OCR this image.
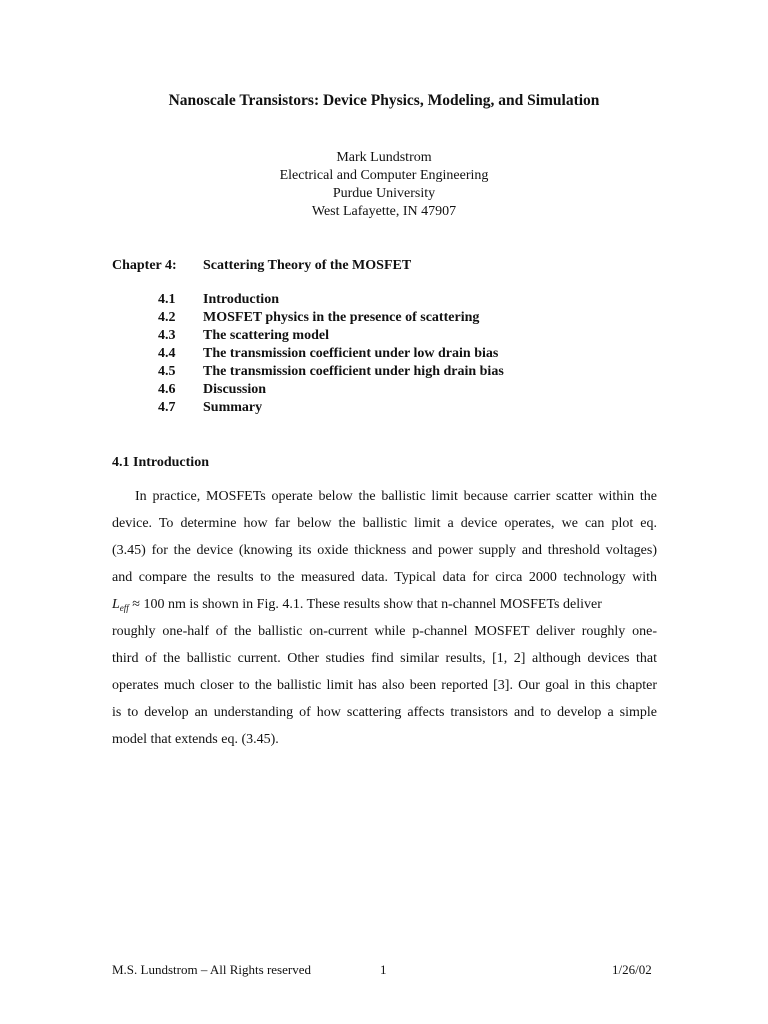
Nanoscale Transistors: Device Physics, Modeling, and Simulation
Mark Lundstrom
Electrical and Computer Engineering
Purdue University
West Lafayette, IN 47907
Chapter 4: Scattering Theory of the MOSFET
4.1 Introduction
4.2 MOSFET physics in the presence of scattering
4.3 The scattering model
4.4 The transmission coefficient under low drain bias
4.5 The transmission coefficient under high drain bias
4.6 Discussion
4.7 Summary
4.1 Introduction
In practice, MOSFETs operate below the ballistic limit because carrier scatter within the
device. To determine how far below the ballistic limit a device operates, we can plot eq.
(3.45) for the device (knowing its oxide thickness and power supply and threshold voltages)
and compare the results to the measured data. Typical data for circa 2000 technology with
$L_{eff} \approx 100$ nm is shown in Fig. 4.1. These results show that n-channel MOSFETs deliver
roughly one-half of the ballistic on-current while p-channel MOSFET deliver roughly one-
third of the ballistic current. Other studies find similar results, [1, 2] although devices that
operates much closer to the ballistic limit has also been reported [3]. Our goal in this chapter
is to develop an understanding of how scattering affects transistors and to develop a simple
model that extends eq. (3.45).
M.S. Lundstrom – All Rights reserved	1	1/26/02
